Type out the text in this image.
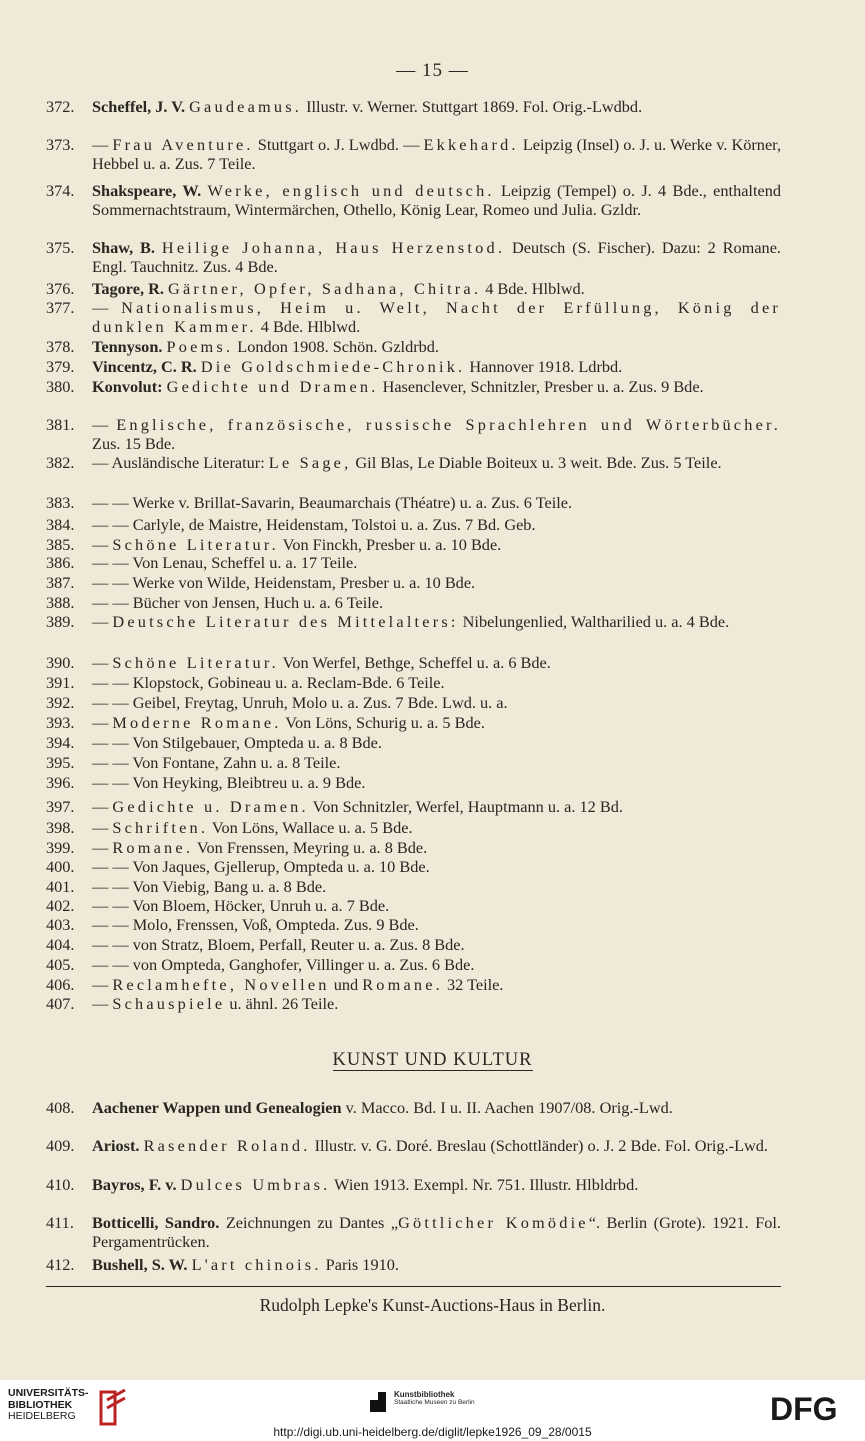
— 15 —
372.	Scheffel, J. V. Gaudeamus. Illustr. v. Werner. Stuttgart 1869. Fol. Orig.-Lwdbd.
373.	— Frau Aventure. Stuttgart o. J. Lwdbd. — Ekkehard. Leipzig (Insel) o. J. u. Werke v. Körner, Hebbel u. a. Zus. 7 Teile.
374.	Shakspeare, W. Werke, englisch und deutsch. Leipzig (Tempel) o. J. 4 Bde., enthaltend Sommernachtstraum, Wintermärchen, Othello, König Lear, Romeo und Julia. Gzldr.
375.	Shaw, B. Heilige Johanna, Haus Herzenstod. Deutsch (S. Fischer). Dazu: 2 Romane. Engl. Tauchnitz. Zus. 4 Bde.
376.	Tagore, R. Gärtner, Opfer, Sadhana, Chitra. 4 Bde. Hlblwd.
377.	— Nationalismus, Heim u. Welt, Nacht der Erfüllung, König der dunklen Kammer. 4 Bde. Hlblwd.
378.	Tennyson. Poems. London 1908. Schön. Gzldrbd.
379.	Vincentz, C. R. Die Goldschmiede-Chronik. Hannover 1918. Ldrbd.
380.	Konvolut: Gedichte und Dramen. Hasenclever, Schnitzler, Presber u. a. Zus. 9 Bde.
381.	— Englische, französische, russische Sprachlehren und Wörterbücher. Zus. 15 Bde.
382.	— Ausländische Literatur: Le Sage, Gil Blas, Le Diable Boiteux u. 3 weit. Bde. Zus. 5 Teile.
383.	— — Werke v. Brillat-Savarin, Beaumarchais (Théatre) u. a. Zus. 6 Teile.
384.	— — Carlyle, de Maistre, Heidenstam, Tolstoi u. a. Zus. 7 Bd. Geb.
385.	— Schöne Literatur. Von Finckh, Presber u. a. 10 Bde.
386.	— — Von Lenau, Scheffel u. a. 17 Teile.
387.	— — Werke von Wilde, Heidenstam, Presber u. a. 10 Bde.
388.	— — Bücher von Jensen, Huch u. a. 6 Teile.
389.	— Deutsche Literatur des Mittelalters: Nibelungenlied, Waltharilied u. a. 4 Bde.
390.	— Schöne Literatur. Von Werfel, Bethge, Scheffel u. a. 6 Bde.
391.	— — Klopstock, Gobineau u. a. Reclam-Bde. 6 Teile.
392.	— — Geibel, Freytag, Unruh, Molo u. a. Zus. 7 Bde. Lwd. u. a.
393.	— Moderne Romane. Von Löns, Schurig u. a. 5 Bde.
394.	— — Von Stilgebauer, Ompteda u. a. 8 Bde.
395.	— — Von Fontane, Zahn u. a. 8 Teile.
396.	— — Von Heyking, Bleibtreu u. a. 9 Bde.
397.	— Gedichte u. Dramen. Von Schnitzler, Werfel, Hauptmann u. a. 12 Bd.
398.	— Schriften. Von Löns, Wallace u. a. 5 Bde.
399.	— Romane. Von Frenssen, Meyring u. a. 8 Bde.
400.	— — Von Jaques, Gjellerup, Ompteda u. a. 10 Bde.
401.	— — Von Viebig, Bang u. a. 8 Bde.
402.	— — Von Bloem, Höcker, Unruh u. a. 7 Bde.
403.	— — Molo, Frenssen, Voß, Ompteda. Zus. 9 Bde.
404.	— — von Stratz, Bloem, Perfall, Reuter u. a. Zus. 8 Bde.
405.	— — von Ompteda, Ganghofer, Villinger u. a. Zus. 6 Bde.
406.	— Reclamhefte, Novellen und Romane. 32 Teile.
407.	— Schauspiele u. ähnl. 26 Teile.
KUNST UND KULTUR
408.	Aachener Wappen und Genealogien v. Macco. Bd. I u. II. Aachen 1907/08. Orig.-Lwd.
409.	Ariost. Rasender Roland. Illustr. v. G. Doré. Breslau (Schottländer) o. J. 2 Bde. Fol. Orig.-Lwd.
410.	Bayros, F. v. Dulces Umbras. Wien 1913. Exempl. Nr. 751. Illustr. Hlbldrbd.
411.	Botticelli, Sandro. Zeichnungen zu Dantes „Göttlicher Komödie“. Berlin (Grote). 1921. Fol. Pergamentrücken.
412.	Bushell, S. W. L'art chinois. Paris 1910.
Rudolph Lepke's Kunst-Auctions-Haus in Berlin.
UNIVERSITÄTS-
BIBLIOTHEK
HEIDELBERG
Kunstbibliothek
Staatliche Museen zu Berlin	DFG
http://digi.ub.uni-heidelberg.de/diglit/lepke1926_09_28/0015
